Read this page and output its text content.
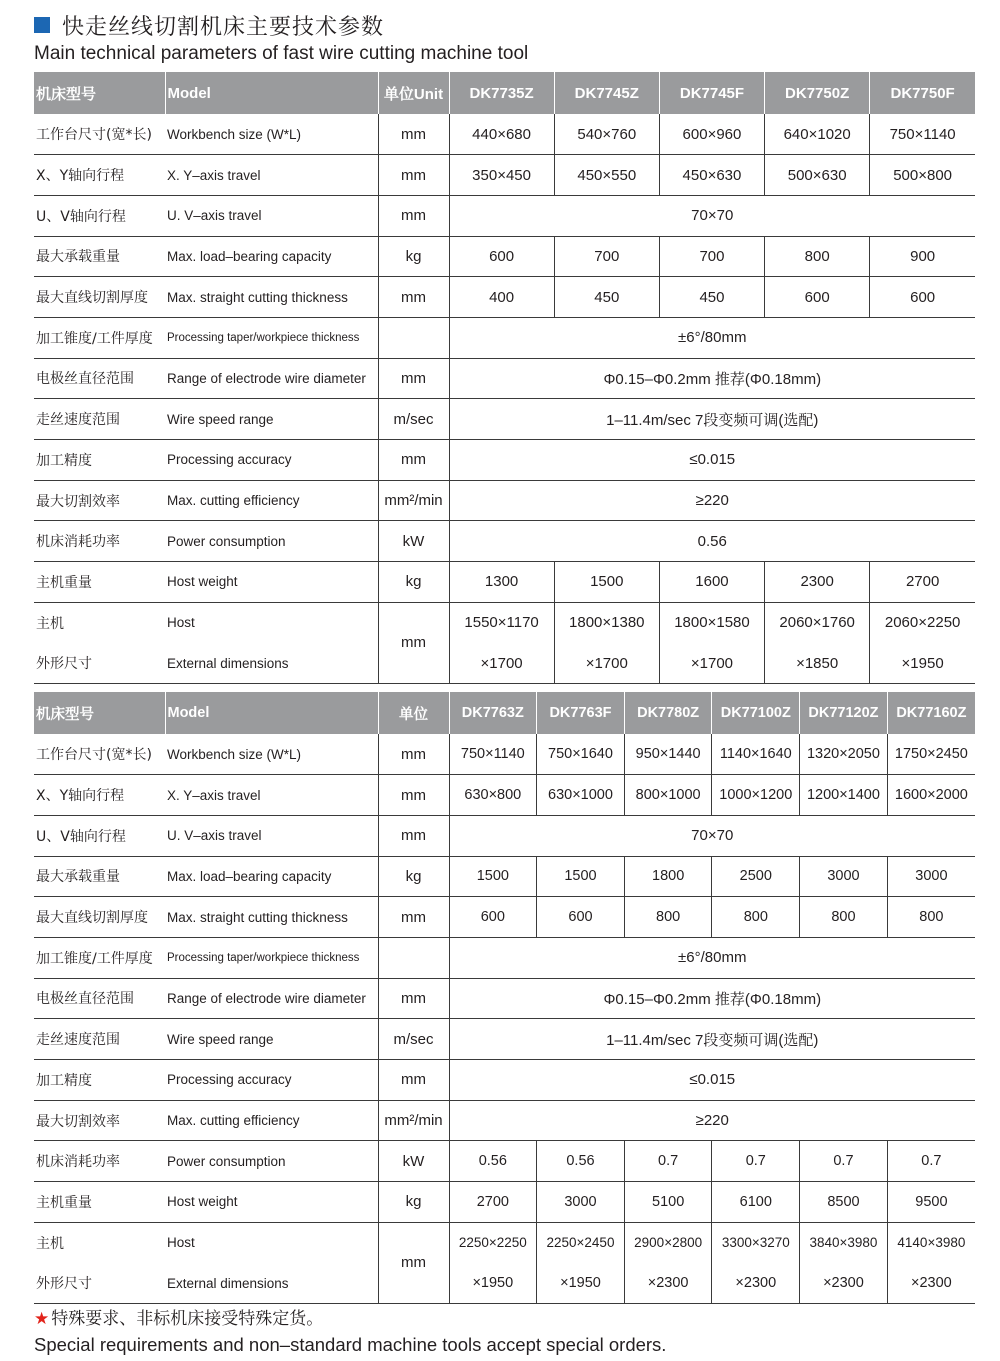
快走丝线切割机床主要技术参数
Main technical parameters of fast wire cutting machine tool
机床型号	Model	单位Unit	DK7735Z	DK7745Z	DK7745F	DK7750Z	DK7750F
工作台尺寸(宽*长)	Workbench size (W*L)	mm	440×680	540×760	600×960	640×1020	750×1140
X、Y轴向行程	X. Y–axis travel	mm	350×450	450×550	450×630	500×630	500×800
U、V轴向行程	U. V–axis travel	mm	70×70				
最大承载重量	Max. load–bearing capacity	kg	600	700	700	800	900
最大直线切割厚度	Max. straight cutting thickness	mm	400	450	450	600	600
加工锥度/工件厚度	Processing taper/workpiece thickness		±6°/80mm				
电极丝直径范围	Range of electrode wire diameter	mm	Φ0.15–Φ0.2mm 推荐(Φ0.18mm)				
走丝速度范围	Wire speed range	m/sec	1–11.4m/sec 7段变频可调(选配)				
加工精度	Processing accuracy	mm	≤0.015				
最大切割效率	Max. cutting efficiency	mm²/min	≥220				
机床消耗功率	Power consumption	kW	0.56				
主机重量	Host weight	kg	1300	1500	1600	2300	2700
主机	Host	mm	1550×1170	1800×1380	1800×1580	2060×1760	2060×2250
外形尺寸	External dimensions		×1700	×1700	×1700	×1850	×1950
机床型号	Model	单位	DK7763Z	DK7763F	DK7780Z	DK77100Z	DK77120Z	DK77160Z
工作台尺寸(宽*长)	Workbench size (W*L)	mm	750×1140	750×1640	950×1440	1140×1640	1320×2050	1750×2450
X、Y轴向行程	X. Y–axis travel	mm	630×800	630×1000	800×1000	1000×1200	1200×1400	1600×2000
U、V轴向行程	U. V–axis travel	mm	70×70					
最大承载重量	Max. load–bearing capacity	kg	1500	1500	1800	2500	3000	3000
最大直线切割厚度	Max. straight cutting thickness	mm	600	600	800	800	800	800
加工锥度/工件厚度	Processing taper/workpiece thickness		±6°/80mm					
电极丝直径范围	Range of electrode wire diameter	mm	Φ0.15–Φ0.2mm 推荐(Φ0.18mm)					
走丝速度范围	Wire speed range	m/sec	1–11.4m/sec 7段变频可调(选配)					
加工精度	Processing accuracy	mm	≤0.015					
最大切割效率	Max. cutting efficiency	mm²/min	≥220					
机床消耗功率	Power consumption	kW	0.56	0.56	0.7	0.7	0.7	0.7
主机重量	Host weight	kg	2700	3000	5100	6100	8500	9500
主机	Host	mm	2250×2250	2250×2450	2900×2800	3300×3270	3840×3980	4140×3980
外形尺寸	External dimensions		×1950	×1950	×2300	×2300	×2300	×2300
★ 特殊要求、非标机床接受特殊定货。
Special requirements and non–standard machine tools accept special orders.
